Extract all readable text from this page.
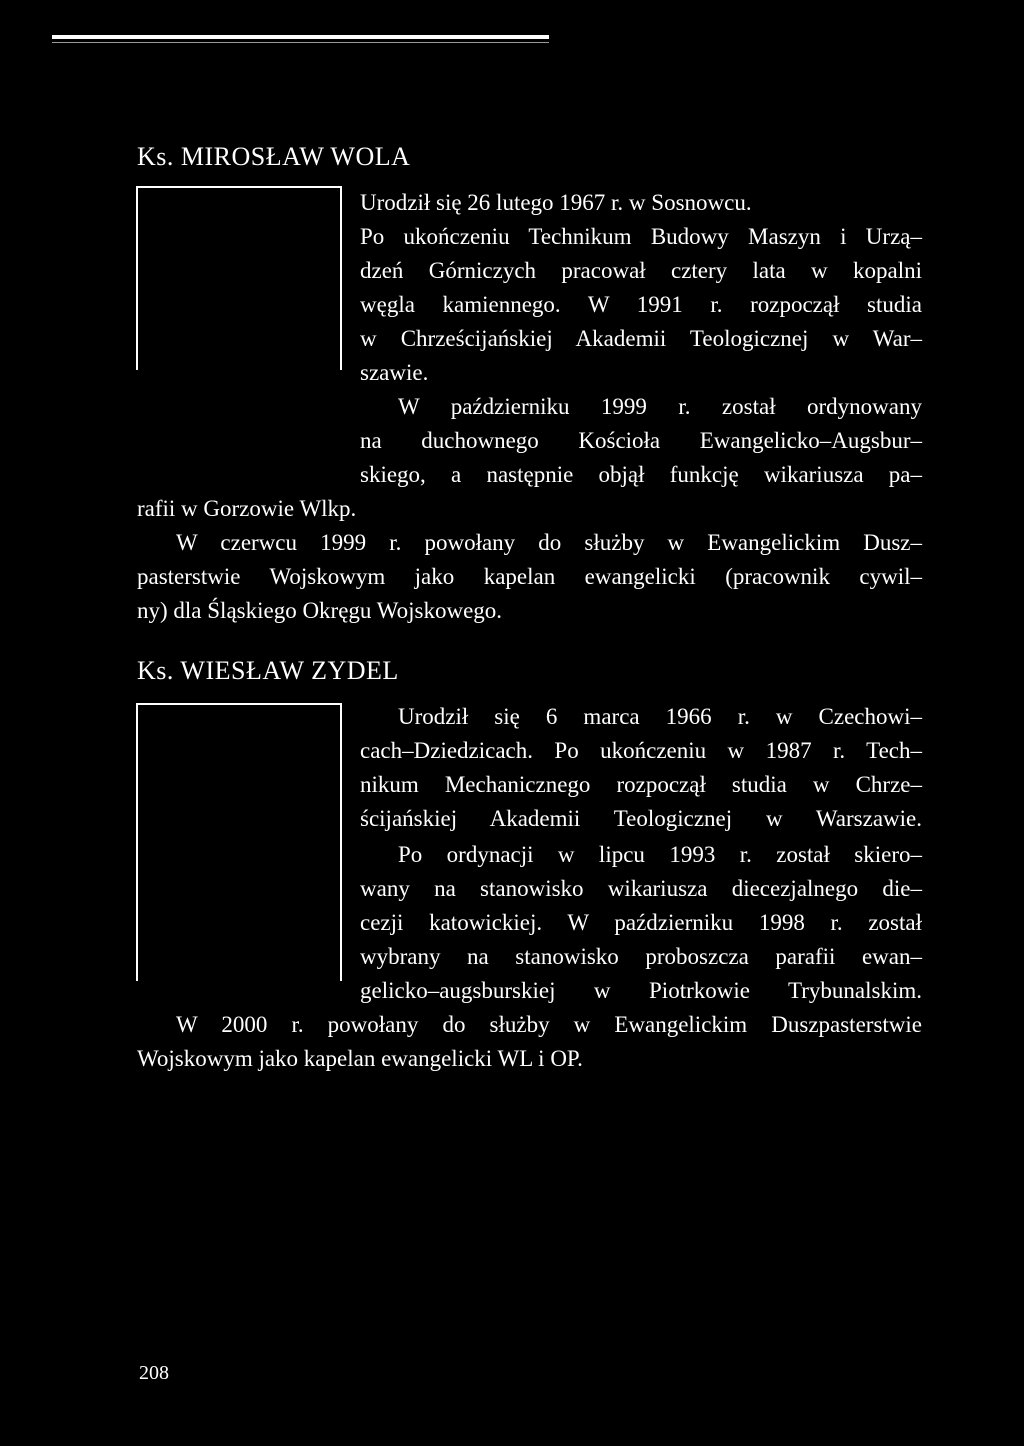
Ks. MIROSŁAW WOLA
Urodził się 26 lutego 1967 r. w Sosnowcu.
Po ukończeniu Technikum Budowy Maszyn i Urzą–
dzeń Górniczych pracował cztery lata w kopalni
węgla kamiennego. W 1991 r. rozpoczął studia
w Chrześcijańskiej Akademii Teologicznej w War–
szawie.
W październiku 1999 r. został ordynowany
na duchownego Kościoła Ewangelicko–Augsbur–
skiego, a następnie objął funkcję wikariusza pa–
rafii w Gorzowie Wlkp.
W czerwcu 1999 r. powołany do służby w Ewangelickim Dusz–
pasterstwie Wojskowym jako kapelan ewangelicki (pracownik cywil–
ny) dla Śląskiego Okręgu Wojskowego.
Ks. WIESŁAW ZYDEL
Urodził się 6 marca 1966 r. w Czechowi–
cach–Dziedzicach. Po ukończeniu w 1987 r. Tech–
nikum Mechanicznego rozpoczął studia w Chrze–
ścijańskiej Akademii Teologicznej w Warszawie.
Po ordynacji w lipcu 1993 r. został skiero–
wany na stanowisko wikariusza diecezjalnego die–
cezji katowickiej. W październiku 1998 r. został
wybrany na stanowisko proboszcza parafii ewan–
gelicko–augsburskiej w Piotrkowie Trybunalskim.
W 2000 r. powołany do służby w Ewangelickim Duszpasterstwie
Wojskowym jako kapelan ewangelicki WL i OP.
208
